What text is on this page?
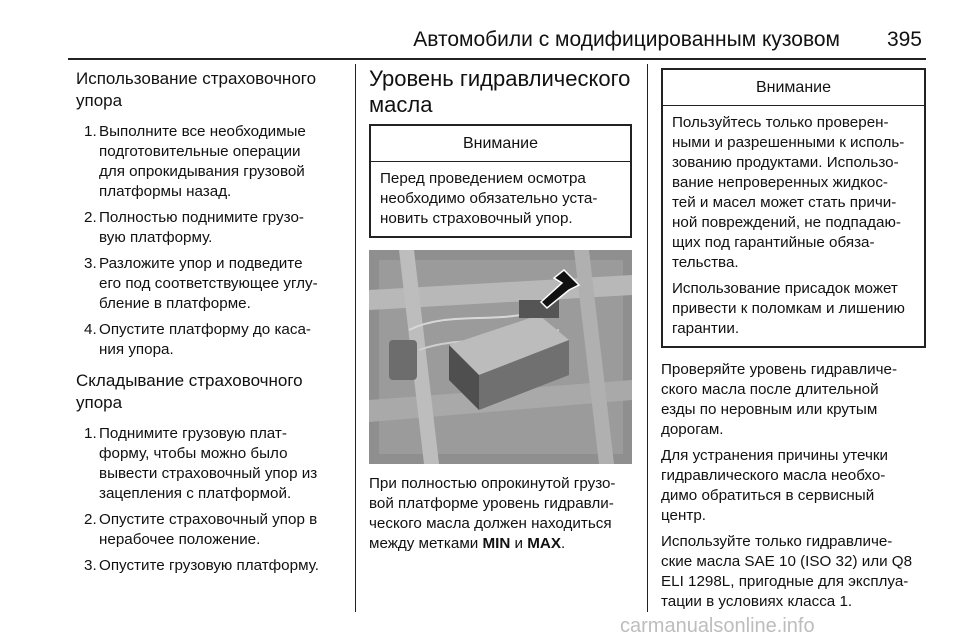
Автомобили с модифицированным кузовом 395
Использование страховочного
упора
1. Выполните все необходимые
подготовительные операции
для опрокидывания грузовой
платформы назад.
2. Полностью поднимите грузо-
вую платформу.
3. Разложите упор и подведите
его под соответствующее углу-
бление в платформе.
4. Опустите платформу до каса-
ния упора.
Складывание страховочного
упора
1. Поднимите грузовую плат-
форму, чтобы можно было
вывести страховочный упор из
зацепления с платформой.
2. Опустите страховочный упор в
нерабочее положение.
3. Опустите грузовую платформу.
Уровень гидравлического
масла
Внимание

Перед проведением осмотра
необходимо обязательно уста-
новить страховочный упор.

При полностью опрокинутой грузо-
вой платформе уровень гидравли-
ческого масла должен находиться
между метками MIN и MAX.

Внимание

Пользуйтесь только проверен-
ными и разрешенными к исполь-
зованию продуктами. Использо-
вание непроверенных жидкос-
тей и масел может стать причи-
ной повреждений, не подпадаю-
щих под гарантийные обяза-
тельства.

Использование присадок может
привести к поломкам и лишению
гарантии.

Проверяйте уровень гидравличе-
ского масла после длительной
езды по неровным или крутым
дорогам.

Для устранения причины утечки
гидравлического масла необхо-
димо обратиться в сервисный
центр.

Используйте только гидравличе-
ские масла SAE 10 (ISO 32) или Q8
ELI 1298L, пригодные для эксплуа-
тации в условиях класса 1.

carmanualsonline.info
